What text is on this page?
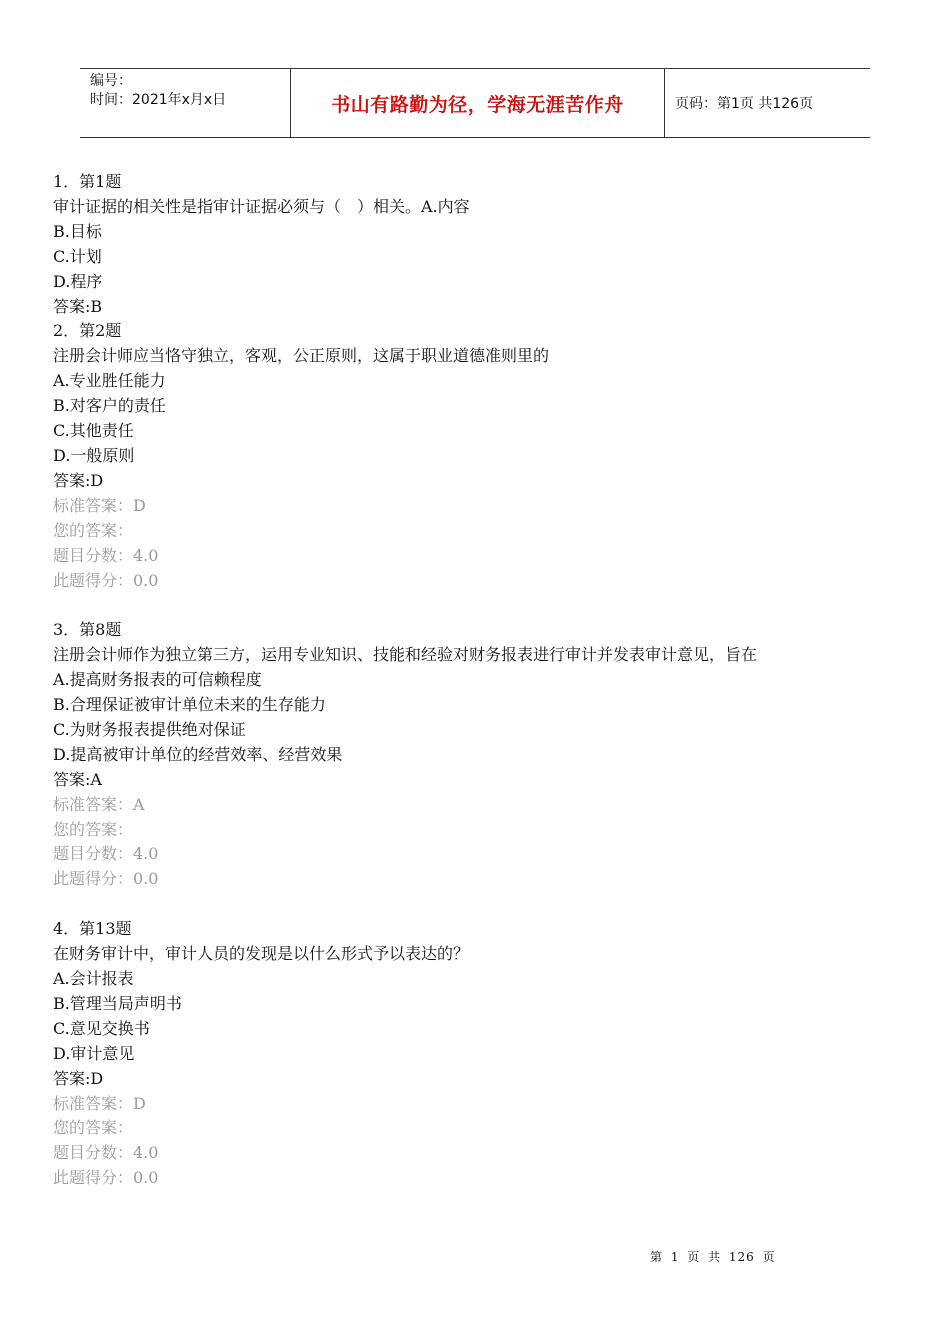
编号：
时间：2021年x月x日	书山有路勤为径，学海无涯苦作舟	页码：第1页 共126页

1．第1题

审计证据的相关性是指审计证据必须与（　）相关。A.内容

B.目标

C.计划

D.程序

答案:B

2．第2题

注册会计师应当恪守独立，客观，公正原则，这属于职业道德准则里的

A.专业胜任能力

B.对客户的责任

C.其他责任

D.一般原则

答案:D

标准答案：D

您的答案：

题目分数：4.0

此题得分：0.0

3．第8题

注册会计师作为独立第三方，运用专业知识、技能和经验对财务报表进行审计并发表审计意见，旨在

A.提高财务报表的可信赖程度

B.合理保证被审计单位未来的生存能力

C.为财务报表提供绝对保证

D.提高被审计单位的经营效率、经营效果

答案:A

标准答案：A

您的答案：

题目分数：4.0

此题得分：0.0

4．第13题

在财务审计中，审计人员的发现是以什么形式予以表达的？

A.会计报表

B.管理当局声明书

C.意见交换书

D.审计意见

答案:D

标准答案：D

您的答案：

题目分数：4.0

此题得分：0.0

第 1 页 共 126 页
